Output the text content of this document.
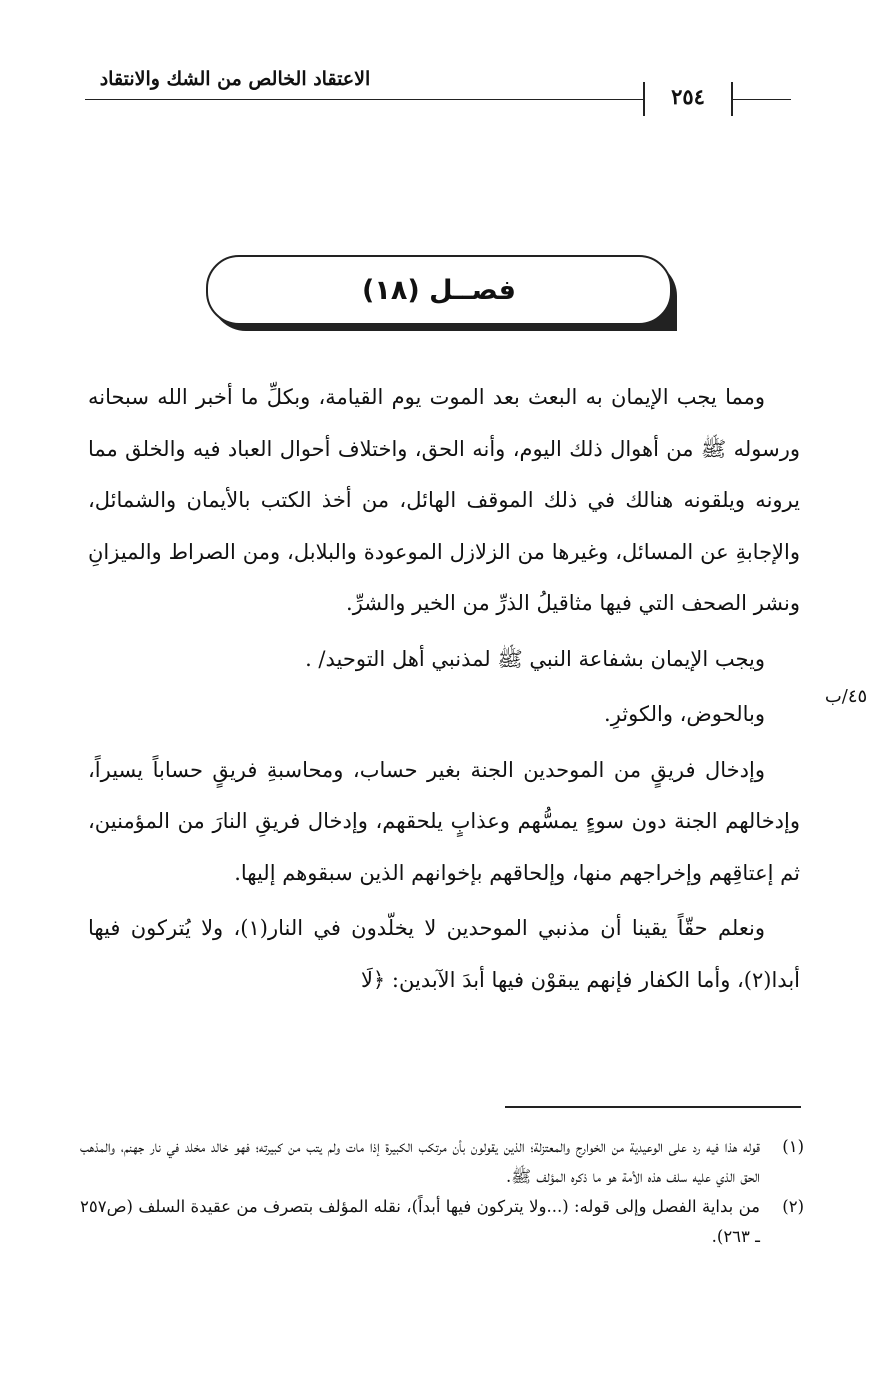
الاعتقاد الخالص من الشك والانتقاد
٢٥٤
فصــل (١٨)
٤٥/ب

ومما يجب الإيمان به البعث بعد الموت يوم القيامة، وبكلِّ ما أخبر الله سبحانه ورسوله ﷺ من أهوال ذلك اليوم، وأنه الحق، واختلاف أحوال العباد فيه والخلق مما يرونه ويلقونه هنالك في ذلك الموقف الهائل، من أخذ الكتب بالأيمان والشمائل، والإجابةِ عن المسائل، وغيرها من الزلازل الموعودة والبلابل، ومن الصراط والميزانِ ونشر الصحف التي فيها مثاقيلُ الذرِّ من الخير والشرِّ.

ويجب الإيمان بشفاعة النبي ﷺ لمذنبي أهل التوحيد/ .

وبالحوض، والكوثرِ.

وإدخال فريقٍ من الموحدين الجنة بغير حساب، ومحاسبةِ فريقٍ حساباً يسيراً، وإدخالهم الجنة دون سوءٍ يمسُّهم وعذابٍ يلحقهم، وإدخال فريقِ النارَ من المؤمنين، ثم إعتاقِهم وإخراجهم منها، وإلحاقهم بإخوانهم الذين سبقوهم إليها.

ونعلم حقّاً يقينا أن مذنبي الموحدين لا يخلّدون في النار(١)، ولا يُتركون فيها أبدا(٢)، وأما الكفار فإنهم يبقوْن فيها أبدَ الآبدين: ﴿لَا

(١)
قوله هذا فيه رد على الوعيدية من الخوارج والمعتزلة؛ الذين يقولون بأن مرتكب الكبيرة إذا مات ولم يتب من كبيرته؛ فهو خالد مخلد في نار جهنم، والمذهب الحق الذي عليه سلف هذه الأمة هو ما ذكره المؤلف ﷺ.
(٢)
من بداية الفصل وإلى قوله: (...ولا يتركون فيها أبداً)، نقله المؤلف بتصرف من عقيدة السلف (ص٢٥٧ ـ ٢٦٣).
